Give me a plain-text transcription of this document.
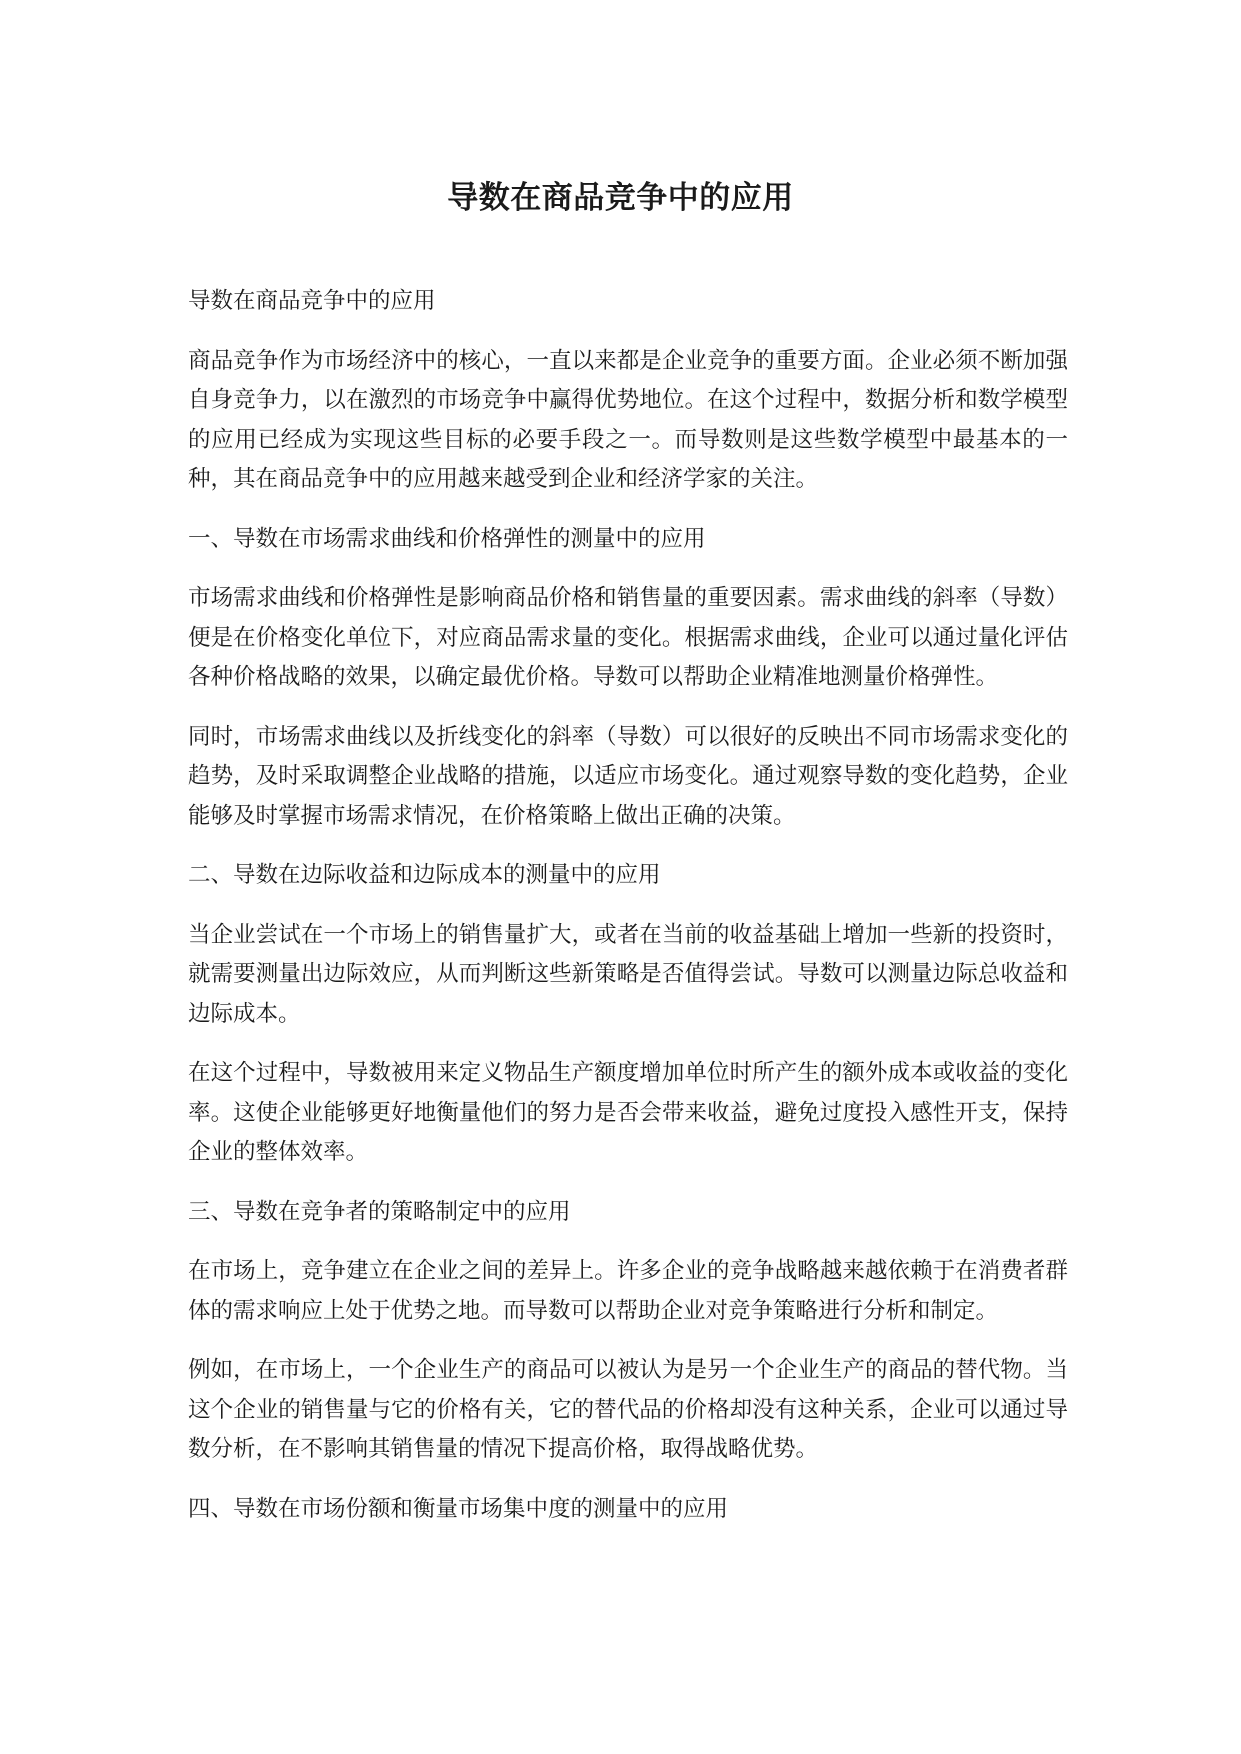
导数在商品竞争中的应用

导数在商品竞争中的应用

商品竞争作为市场经济中的核心，一直以来都是企业竞争的重要方面。企业必须不断加强自身竞争力，以在激烈的市场竞争中赢得优势地位。在这个过程中，数据分析和数学模型的应用已经成为实现这些目标的必要手段之一。而导数则是这些数学模型中最基本的一种，其在商品竞争中的应用越来越受到企业和经济学家的关注。

一、导数在市场需求曲线和价格弹性的测量中的应用

市场需求曲线和价格弹性是影响商品价格和销售量的重要因素。需求曲线的斜率（导数）便是在价格变化单位下，对应商品需求量的变化。根据需求曲线，企业可以通过量化评估各种价格战略的效果，以确定最优价格。导数可以帮助企业精准地测量价格弹性。

同时，市场需求曲线以及折线变化的斜率（导数）可以很好的反映出不同市场需求变化的趋势，及时采取调整企业战略的措施，以适应市场变化。通过观察导数的变化趋势，企业能够及时掌握市场需求情况，在价格策略上做出正确的决策。

二、导数在边际收益和边际成本的测量中的应用

当企业尝试在一个市场上的销售量扩大，或者在当前的收益基础上增加一些新的投资时，就需要测量出边际效应，从而判断这些新策略是否值得尝试。导数可以测量边际总收益和边际成本。

在这个过程中，导数被用来定义物品生产额度增加单位时所产生的额外成本或收益的变化率。这使企业能够更好地衡量他们的努力是否会带来收益，避免过度投入感性开支，保持企业的整体效率。

三、导数在竞争者的策略制定中的应用

在市场上，竞争建立在企业之间的差异上。许多企业的竞争战略越来越依赖于在消费者群体的需求响应上处于优势之地。而导数可以帮助企业对竞争策略进行分析和制定。

例如，在市场上，一个企业生产的商品可以被认为是另一个企业生产的商品的替代物。当这个企业的销售量与它的价格有关，它的替代品的价格却没有这种关系，企业可以通过导数分析，在不影响其销售量的情况下提高价格，取得战略优势。

四、导数在市场份额和衡量市场集中度的测量中的应用
